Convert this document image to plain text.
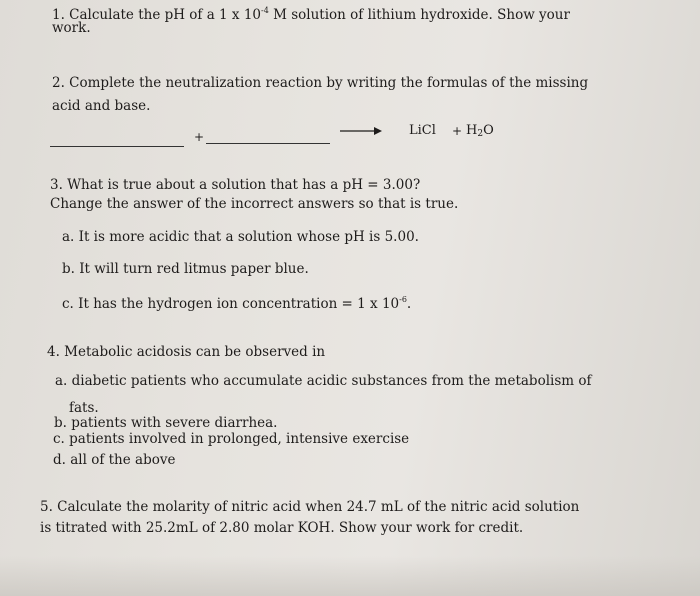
1. Calculate the pH of a 1 x $10^{-4}$ M solution of lithium hydroxide. Show your
work.
2. Complete the neutralization reaction by writing the formulas of the missing
acid and base.
+	LiCl + $H_2O$
3. What is true about a solution that has a pH = 3.00?
Change the answer of the incorrect answers so that is true.
a. It is more acidic that a solution whose pH is 5.00.
b. It will turn red litmus paper blue.
c. It has the hydrogen ion concentration = 1 x $10^{-6}$.
4. Metabolic acidosis can be observed in
a. diabetic patients who accumulate acidic substances from the metabolism of
fats.
b. patients with severe diarrhea.
c. patients involved in prolonged, intensive exercise
d. all of the above
5. Calculate the molarity of nitric acid when 24.7 mL of the nitric acid solution
is titrated with 25.2mL of 2.80 molar KOH. Show your work for credit.
